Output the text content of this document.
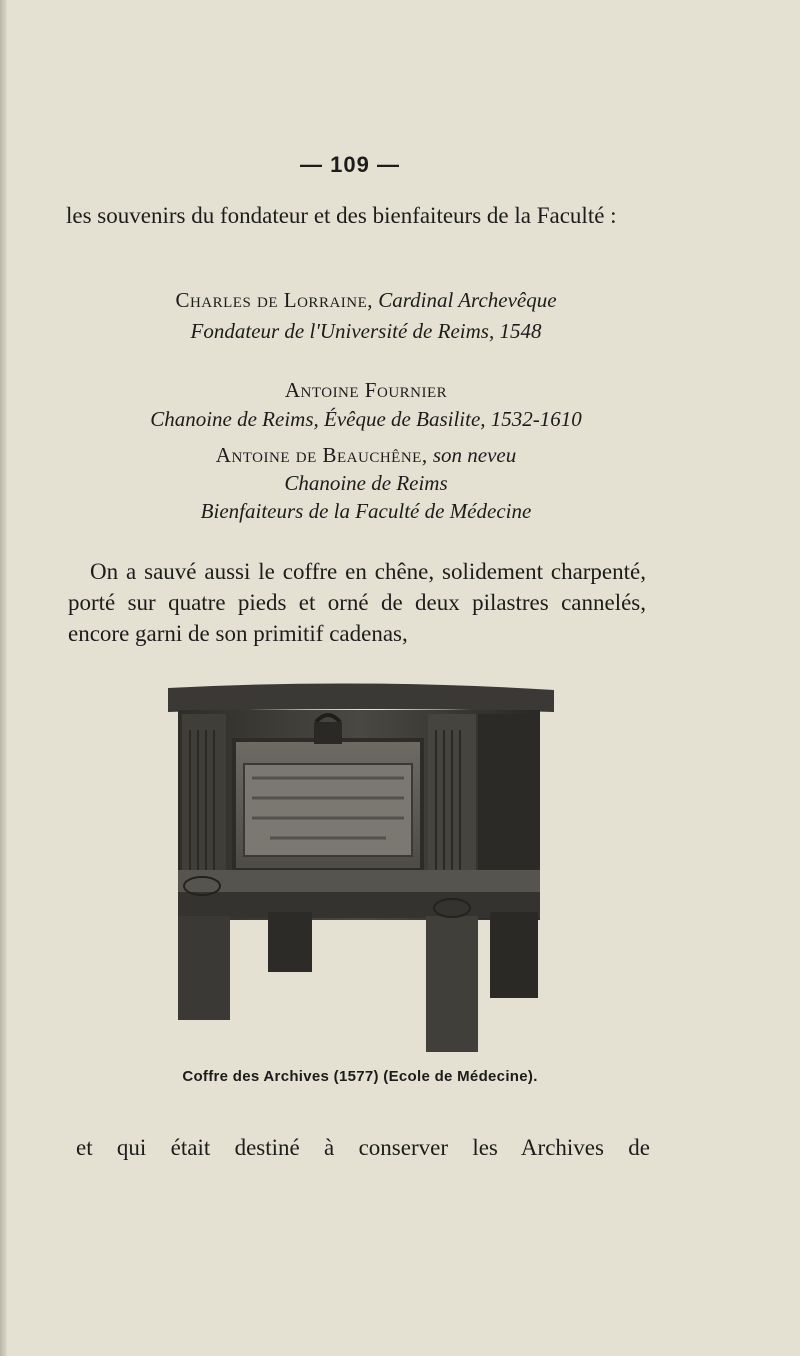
— 109 —
les souvenirs du fondateur et des bienfaiteurs de la Faculté :
Charles de Lorraine, Cardinal Archevêque
Fondateur de l'Université de Reims, 1548
Antoine Fournier
Chanoine de Reims, Évêque de Basilite, 1532-1610
Antoine de Beauchêne, son neveu
Chanoine de Reims
Bienfaiteurs de la Faculté de Médecine
On a sauvé aussi le coffre en chêne, solidement charpenté, porté sur quatre pieds et orné de deux pilastres cannelés, encore garni de son primitif cadenas,
Coffre des Archives (1577) (Ecole de Médecine).
et qui était destiné à conserver les Archives de
